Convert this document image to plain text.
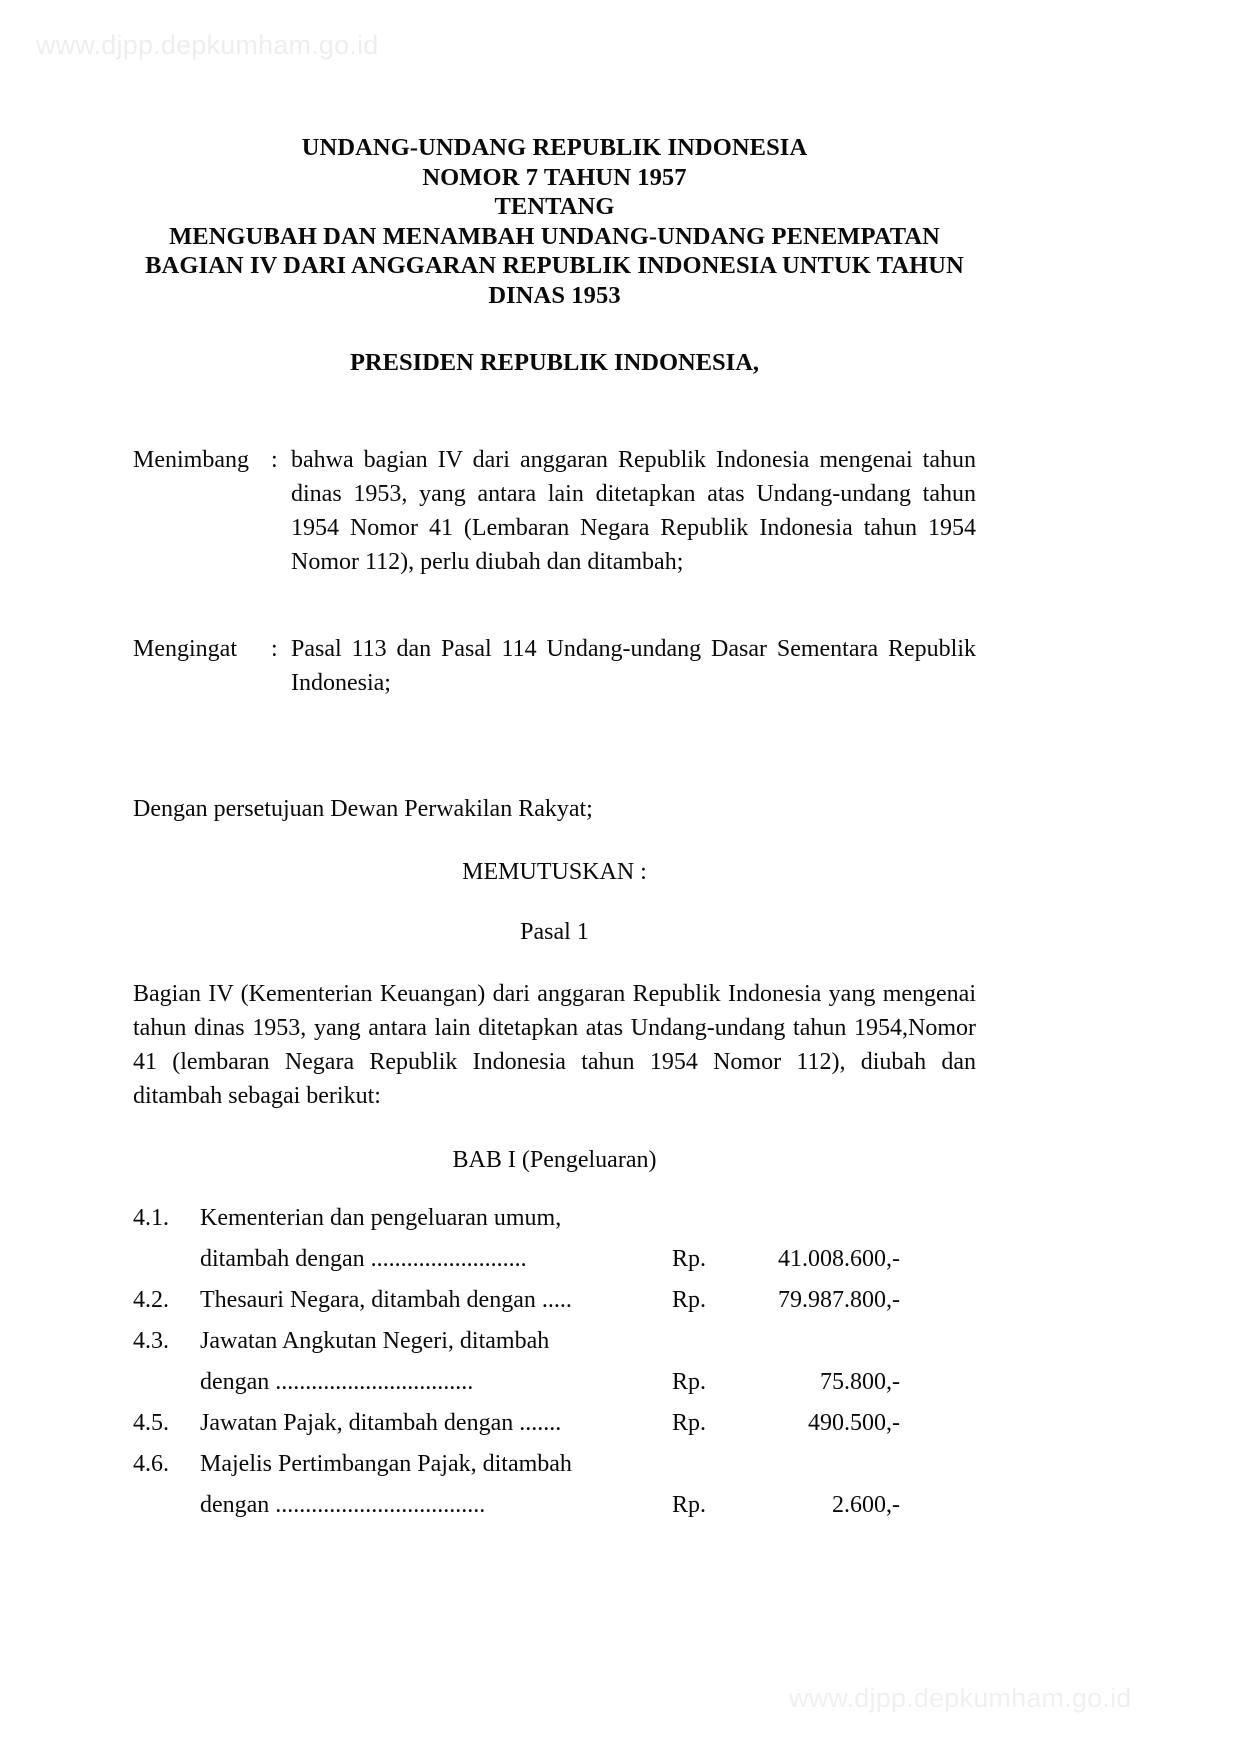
www.djpp.depkumham.go.id
UNDANG-UNDANG REPUBLIK INDONESIA
NOMOR 7 TAHUN 1957
TENTANG
MENGUBAH DAN MENAMBAH UNDANG-UNDANG PENEMPATAN
BAGIAN IV DARI ANGGARAN REPUBLIK INDONESIA UNTUK TAHUN
DINAS 1953
PRESIDEN REPUBLIK INDONESIA,
Menimbang : bahwa bagian IV dari anggaran Republik Indonesia mengenai tahun dinas 1953, yang antara lain ditetapkan atas Undang-undang tahun 1954 Nomor 41 (Lembaran Negara Republik Indonesia tahun 1954 Nomor 112), perlu diubah dan ditambah;
Mengingat	: Pasal 113 dan Pasal 114 Undang-undang Dasar Sementara Republik Indonesia;
Dengan persetujuan Dewan Perwakilan Rakyat;
MEMUTUSKAN :
Pasal 1

Bagian IV (Kementerian Keuangan) dari anggaran Republik Indonesia yang mengenai tahun dinas 1953, yang antara lain ditetapkan atas Undang-undang tahun 1954,Nomor 41 (lembaran Negara Republik Indonesia tahun 1954 Nomor 112), diubah dan ditambah sebagai berikut:

BAB I (Pengeluaran)
4.1.	Kementerian dan pengeluaran umum,
ditambah dengan ..........................	Rp.	41.008.600,-
4.2.	Thesauri Negara, ditambah dengan .....	Rp.	79.987.800,-
4.3.	Jawatan Angkutan Negeri, ditambah
dengan .................................	Rp.	75.800,-
4.5.	Jawatan Pajak, ditambah dengan .......	Rp.	490.500,-
4.6.	Majelis Pertimbangan Pajak, ditambah
dengan ...................................	Rp.	2.600,-
www.djpp.depkumham.go.id
